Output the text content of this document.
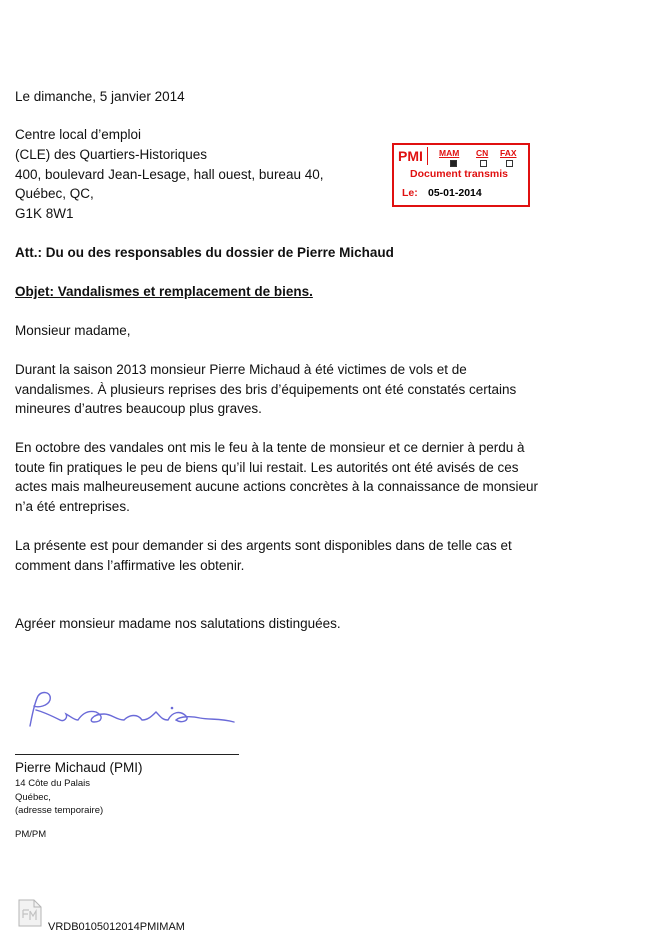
Le dimanche, 5 janvier 2014
Centre local d’emploi
(CLE) des Quartiers-Historiques
400, boulevard Jean-Lesage, hall ouest, bureau 40,
Québec, QC,
G1K 8W1
PMI MAM CN FAX
Document transmis
Le: 05-01-2014
Att.: Du ou des responsables du dossier de Pierre Michaud
Objet: Vandalismes et remplacement de biens.
Monsieur madame,
Durant la saison 2013 monsieur Pierre Michaud à été victimes de vols et de
vandalismes. À plusieurs reprises des bris d’équipements ont été constatés certains
mineures d’autres beaucoup plus graves.
En octobre des vandales ont mis le feu à la tente de monsieur et ce dernier à perdu à
toute fin pratiques le peu de biens qu’il lui restait. Les autorités ont été avisés de ces
actes mais malheureusement aucune actions concrètes à la connaissance de monsieur
n’a été entreprises.
La présente est pour demander si des argents sont disponibles dans de telle cas et
comment dans l’affirmative les obtenir.
Agréer monsieur madame nos salutations distinguées.
Pierre Michaud (PMI)
14 Côte du Palais
Québec,
(adresse temporaire)
PM/PM
VRDB0105012014PMIMAM
